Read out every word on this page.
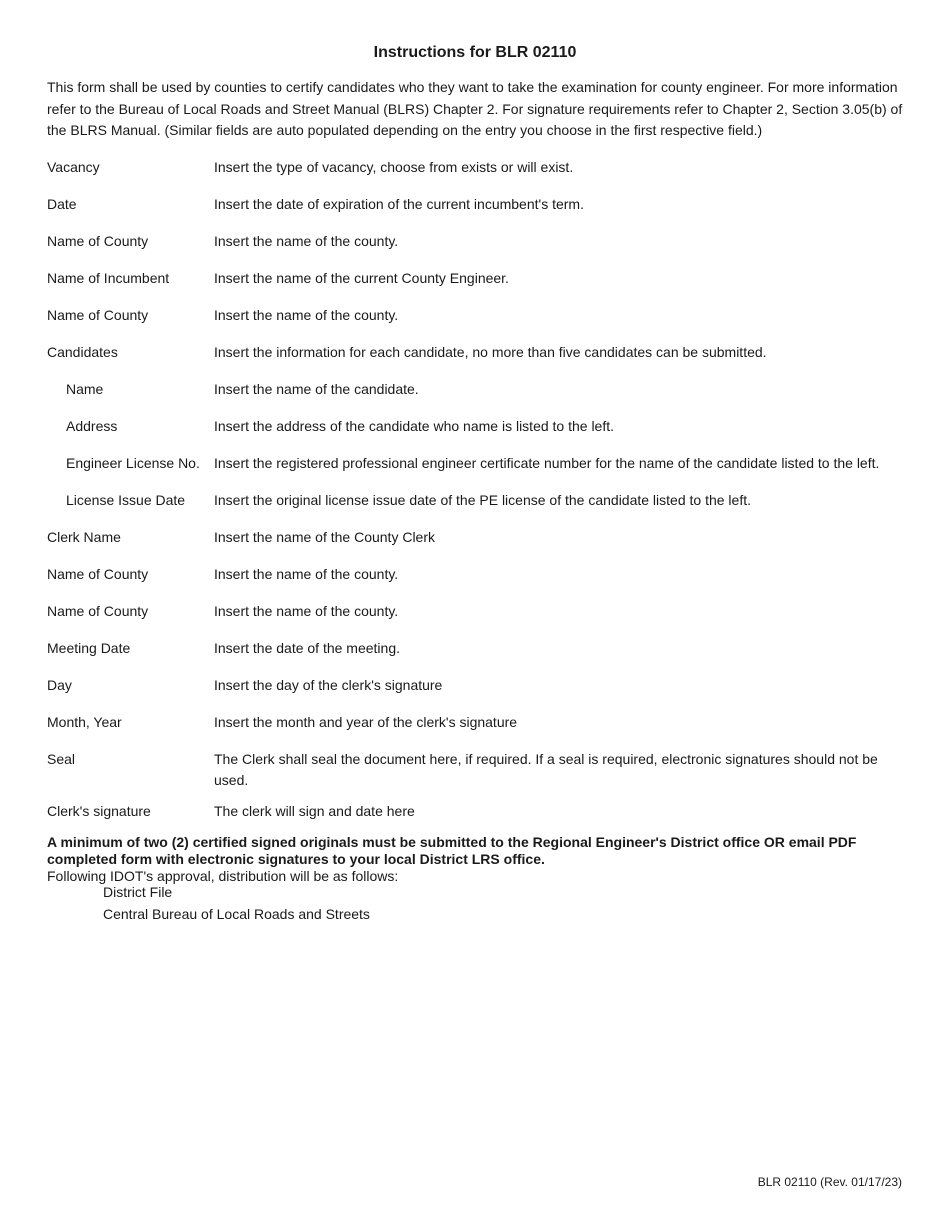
Instructions for BLR 02110
This form shall be used by counties to certify candidates who they want to take the examination for county engineer. For more information refer to the Bureau of Local Roads and Street Manual (BLRS) Chapter 2. For signature requirements refer to Chapter 2, Section 3.05(b) of the BLRS Manual. (Similar fields are auto populated depending on the entry you choose in the first respective field.)
Vacancy	Insert the type of vacancy, choose from exists or will exist.
Date	Insert the date of expiration of the current incumbent's term.
Name of County	Insert the name of the county.
Name of Incumbent	Insert the name of the current County Engineer.
Name of County	Insert the name of the county.
Candidates	Insert the information for each candidate, no more than five candidates can be submitted.
Name	Insert the name of the candidate.
Address	Insert the address of the candidate who name is listed to the left.
Engineer License No.	Insert the registered professional engineer certificate number for the name of the candidate listed to the left.
License Issue Date	Insert the original license issue date of the PE license of the candidate listed to the left.
Clerk Name	Insert the name of the County Clerk
Name of County	Insert the name of the county.
Name of County	Insert the name of the county.
Meeting Date	Insert the date of the meeting.
Day	Insert the day of the clerk's signature
Month, Year	Insert the month and year of the clerk's signature
Seal	The Clerk shall seal the document here, if required. If a seal is required, electronic signatures should not be used.
Clerk's signature	The clerk will sign and date here
A minimum of two (2) certified signed originals must be submitted to the Regional Engineer's District office OR email PDF completed form with electronic signatures to your local District LRS office.
Following IDOT's approval, distribution will be as follows:
District File
Central Bureau of Local Roads and Streets
BLR 02110 (Rev. 01/17/23)
